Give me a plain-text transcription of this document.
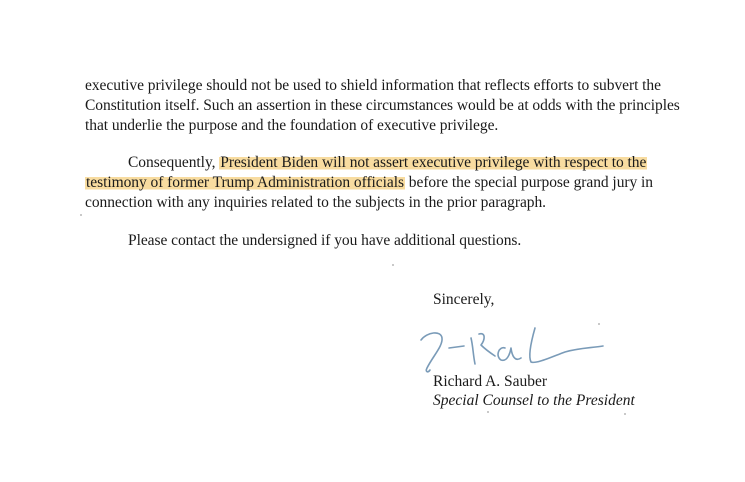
executive privilege should not be used to shield information that reflects efforts to subvert the
Constitution itself. Such an assertion in these circumstances would be at odds with the principles
that underlie the purpose and the foundation of executive privilege.
Consequently, President Biden will not assert executive privilege with respect to the
testimony of former Trump Administration officials before the special purpose grand jury in
connection with any inquiries related to the subjects in the prior paragraph.
Please contact the undersigned if you have additional questions.
Sincerely,
Richard A. Sauber
Special Counsel to the President
